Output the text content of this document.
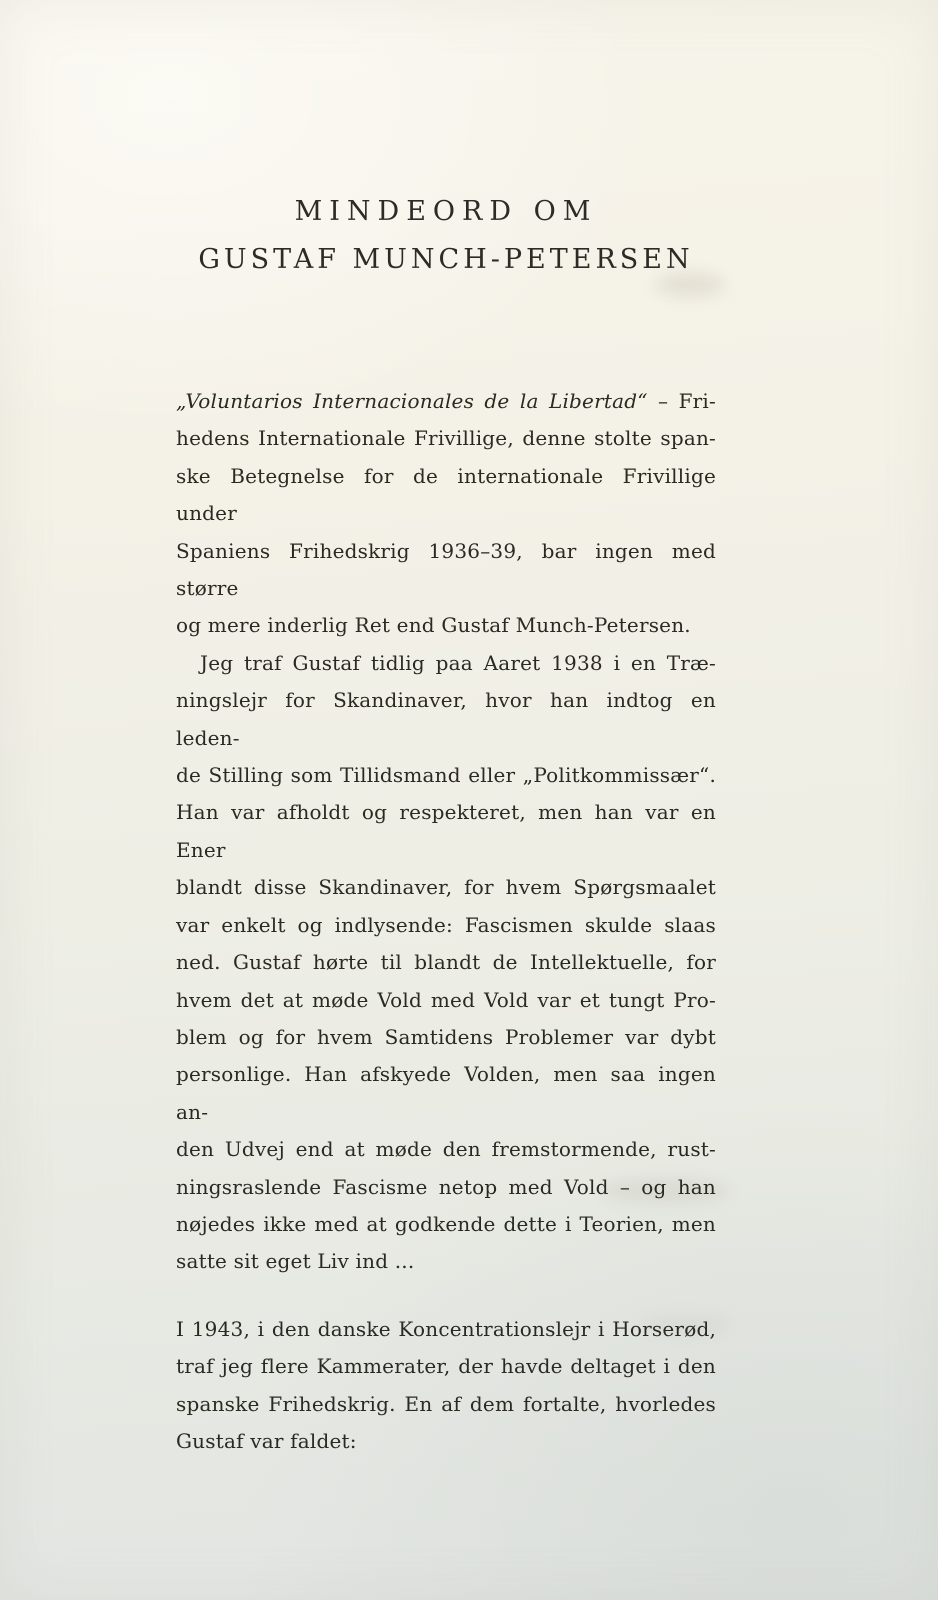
MINDEORD OM
GUSTAF MUNCH-PETERSEN
„Voluntarios Internacionales de la Libertad“ – Fri-
hedens Internationale Frivillige, denne stolte span-
ske Betegnelse for de internationale Frivillige under
Spaniens Frihedskrig 1936–39, bar ingen med større
og mere inderlig Ret end Gustaf Munch-Petersen.
Jeg traf Gustaf tidlig paa Aaret 1938 i en Træ-
ningslejr for Skandinaver, hvor han indtog en leden-
de Stilling som Tillidsmand eller „Politkommissær“.
Han var afholdt og respekteret, men han var en Ener
blandt disse Skandinaver, for hvem Spørgsmaalet
var enkelt og indlysende: Fascismen skulde slaas
ned. Gustaf hørte til blandt de Intellektuelle, for
hvem det at møde Vold med Vold var et tungt Pro-
blem og for hvem Samtidens Problemer var dybt
personlige. Han afskyede Volden, men saa ingen an-
den Udvej end at møde den fremstormende, rust-
ningsraslende Fascisme netop med Vold – og han
nøjedes ikke med at godkende dette i Teorien, men
satte sit eget Liv ind ...
I 1943, i den danske Koncentrationslejr i Horserød,
traf jeg flere Kammerater, der havde deltaget i den
spanske Frihedskrig. En af dem fortalte, hvorledes
Gustaf var faldet:
